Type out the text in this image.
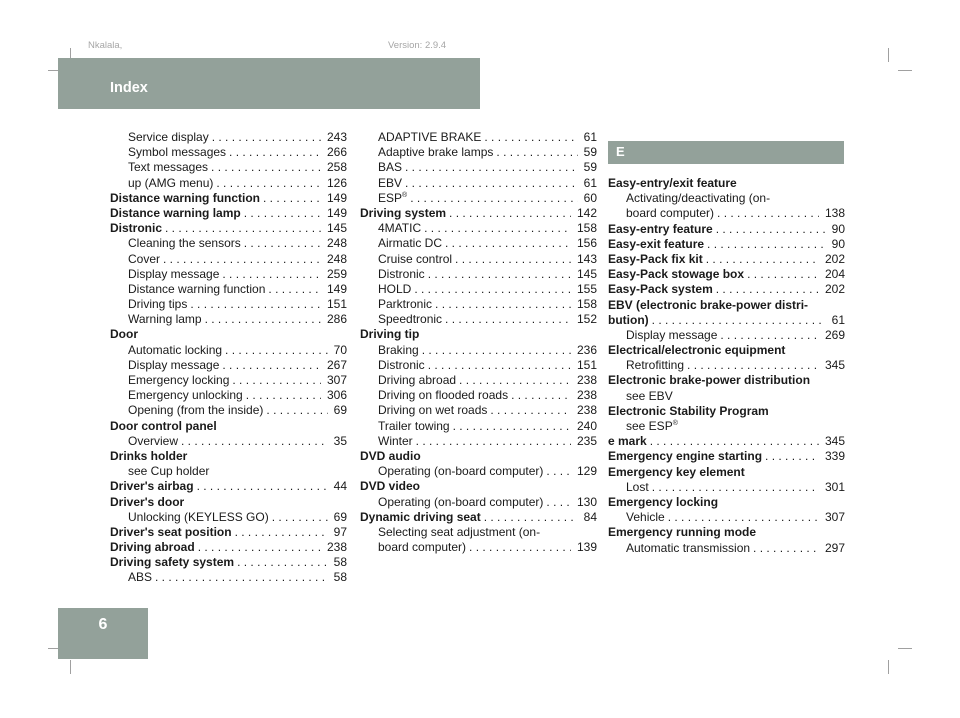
Nkalala,	Version: 2.9.4
Index
6
E
Service display . . .	243
Symbol messages . . .	266
Text messages . . .	258
up (AMG menu) . . .	126
Distance warning function . . .	149
Distance warning lamp . . .	149
Distronic . . .	145
Cleaning the sensors . . .	248
Cover . . .	248
Display message . . .	259
Distance warning function . . .	149
Driving tips . . .	151
Warning lamp . . .	286
Door
Automatic locking . . .	70
Display message . . .	267
Emergency locking . . .	307
Emergency unlocking . . .	306
Opening (from the inside) . . .	69
Door control panel
Overview . . .	35
Drinks holder
see Cup holder
Driver's airbag . . .	44
Driver's door
Unlocking (KEYLESS GO) . . .	69
Driver's seat position . . .	97
Driving abroad . . .	238
Driving safety system . . .	58
ABS . . .	58
ADAPTIVE BRAKE . . .	61
Adaptive brake lamps . . .	59
BAS . . .	59
EBV . . .	61
ESP® . . .	60
Driving system . . .	142
4MATIC . . .	158
Airmatic DC . . .	156
Cruise control . . .	143
Distronic . . .	145
HOLD . . .	155
Parktronic . . .	158
Speedtronic . . .	152
Driving tip
Braking . . .	236
Distronic . . .	151
Driving abroad . . .	238
Driving on flooded roads . . .	238
Driving on wet roads . . .	238
Trailer towing . . .	240
Winter . . .	235
DVD audio
Operating (on-board computer) . . .	129
DVD video
Operating (on-board computer) . . .	130
Dynamic driving seat . . .	84
Selecting seat adjustment (on-
board computer) . . .	139
Easy-entry/exit feature
Activating/deactivating (on-
board computer) . . .	138
Easy-entry feature . . .	90
Easy-exit feature . . .	90
Easy-Pack fix kit . . .	202
Easy-Pack stowage box . . .	204
Easy-Pack system . . .	202
EBV (electronic brake-power distri-
bution) . . .	61
Display message . . .	269
Electrical/electronic equipment
Retrofitting . . .	345
Electronic brake-power distribution
see EBV
Electronic Stability Program
see ESP®
e mark . . .	345
Emergency engine starting . . .	339
Emergency key element
Lost . . .	301
Emergency locking
Vehicle . . .	307
Emergency running mode
Automatic transmission . . .	297
